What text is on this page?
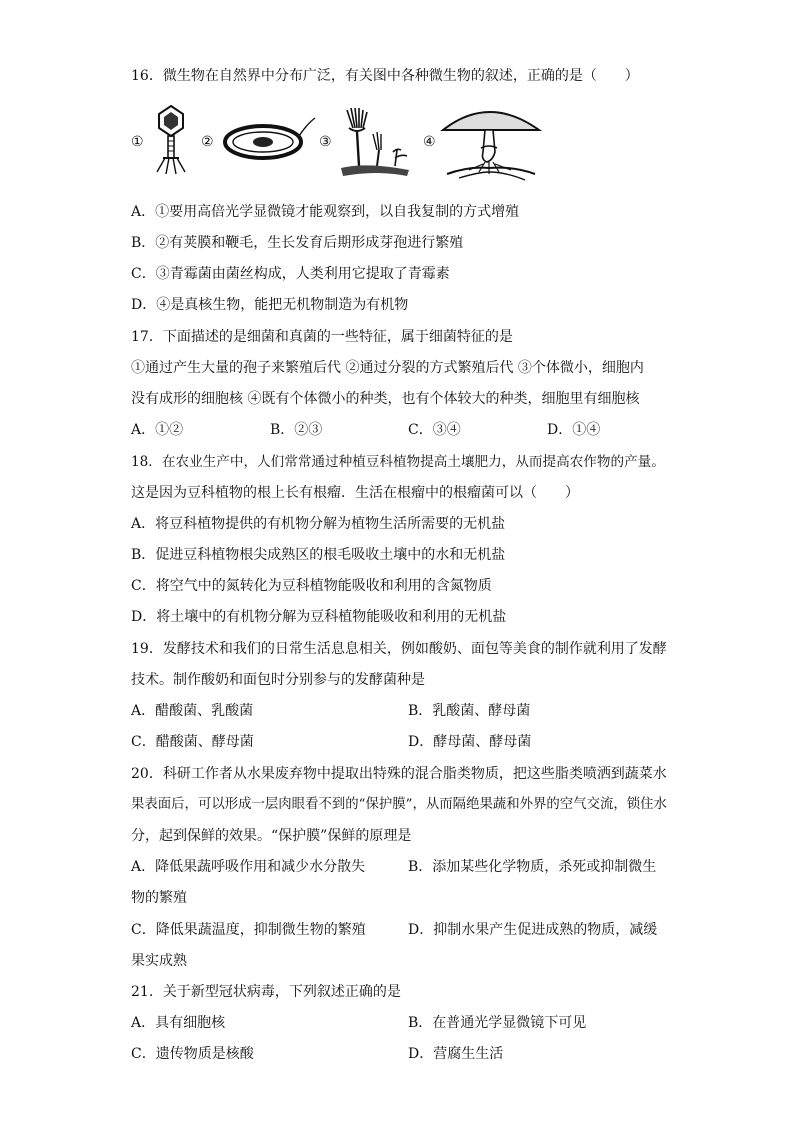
16．微生物在自然界中分布广泛，有关图中各种微生物的叙述，正确的是（　　）
①	②	③	④
A．①要用高倍光学显微镜才能观察到，以自我复制的方式增殖
B．②有荚膜和鞭毛，生长发育后期形成芽孢进行繁殖
C．③青霉菌由菌丝构成，人类利用它提取了青霉素
D．④是真核生物，能把无机物制造为有机物
17．下面描述的是细菌和真菌的一些特征，属于细菌特征的是
①通过产生大量的孢子来繁殖后代 ②通过分裂的方式繁殖后代 ③个体微小，细胞内
没有成形的细胞核 ④既有个体微小的种类，也有个体较大的种类，细胞里有细胞核
A．①②	B．②③	C．③④	D．①④
18．在农业生产中，人们常常通过种植豆科植物提高土壤肥力，从而提高农作物的产量。
这是因为豆科植物的根上长有根瘤．生活在根瘤中的根瘤菌可以（　　）
A．将豆科植物提供的有机物分解为植物生活所需要的无机盐
B．促进豆科植物根尖成熟区的根毛吸收土壤中的水和无机盐
C．将空气中的氮转化为豆科植物能吸收和利用的含氮物质
D．将土壤中的有机物分解为豆科植物能吸收和利用的无机盐
19．发酵技术和我们的日常生活息息相关，例如酸奶、面包等美食的制作就利用了发酵
技术。制作酸奶和面包时分别参与的发酵菌种是
A．醋酸菌、乳酸菌	B．乳酸菌、酵母菌
C．醋酸菌、酵母菌	D．酵母菌、酵母菌
20．科研工作者从水果废弃物中提取出特殊的混合脂类物质，把这些脂类喷洒到蔬菜水
果表面后，可以形成一层肉眼看不到的“保护膜”，从而隔绝果蔬和外界的空气交流，锁住水
分，起到保鲜的效果。“保护膜”保鲜的原理是
A．降低果蔬呼吸作用和减少水分散失	B．添加某些化学物质，杀死或抑制微生
物的繁殖
C．降低果蔬温度，抑制微生物的繁殖	D．抑制水果产生促进成熟的物质，减缓
果实成熟
21．关于新型冠状病毒，下列叙述正确的是
A．具有细胞核	B．在普通光学显微镜下可见
C．遗传物质是核酸	D．营腐生生活
